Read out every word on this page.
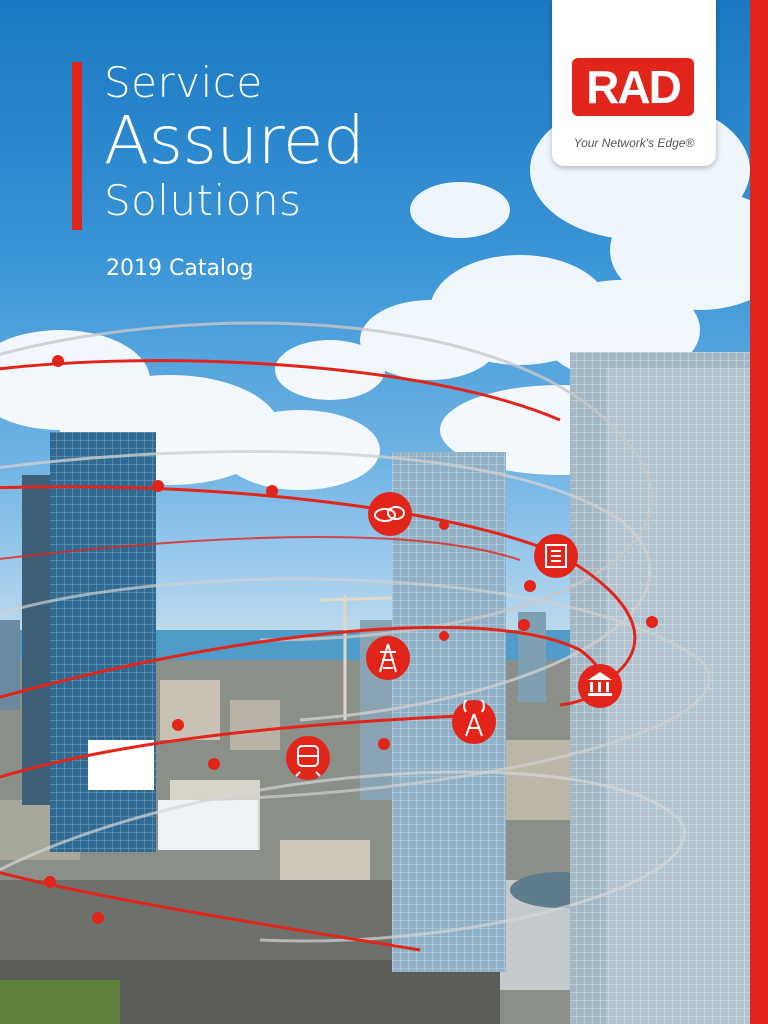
Service
Assured
Solutions
2019 Catalog
RAD
Your Network's Edge®
